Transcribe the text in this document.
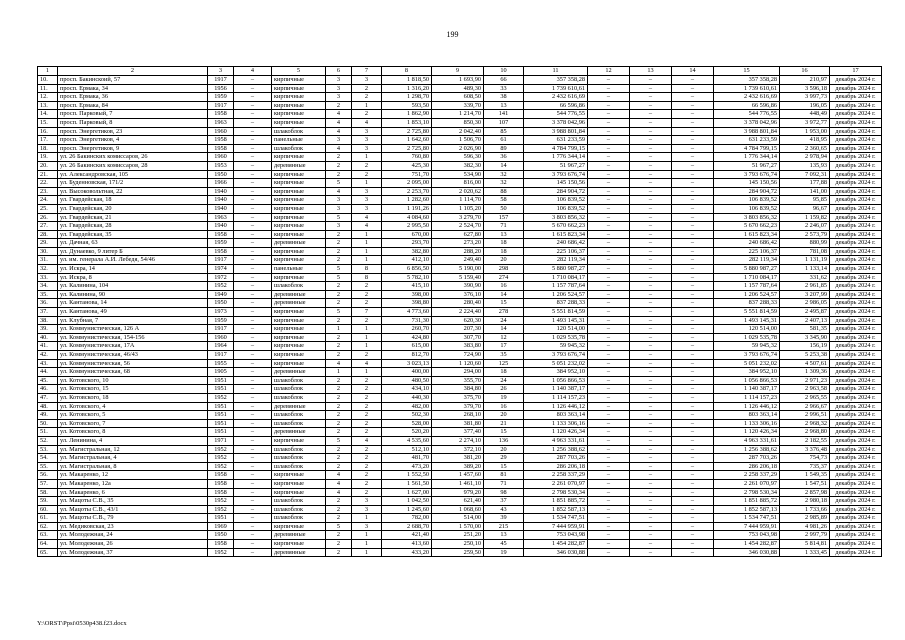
199
1	2	3	4	5	6	7	8	9	10	11	12	13	14	15	16	17
10.	просп. Бакинскоий, 57	1917	–	кирпичные	3	3	1 818,50	1 693,90	66	357 358,28	–	–	–	357 358,28	210,97	декабрь 2024 г.
11.	просп. Ермака, 34	1956	–	кирпичные	3	2	1 316,20	489,30	33	1 739 610,61	–	–	–	1 739 610,61	3 596,18	декабрь 2024 г.
12.	просп. Ермака, 36	1959	–	кирпичные	3	2	1 298,70	608,50	38	2 432 616,69	–	–	–	2 432 616,69	3 997,73	декабрь 2024 г.
13.	просп. Ермака, 84	1917	–	кирпичные	2	1	593,50	339,70	13	66 596,86	–	–	–	66 596,86	196,05	декабрь 2024 г.
14.	просп. Парковый, 7	1958	–	кирпичные	4	2	1 862,90	1 214,70	141	544 776,55	–	–	–	544 776,55	448,49	декабрь 2024 г.
15.	просп. Парковый, 8	1963	–	кирпичные	4	4	1 853,10	850,30	107	3 378 042,96	–	–	–	3 378 042,96	3 972,77	декабрь 2024 г.
16.	просп. Энергетиков, 23	1960	–	шлакоблок	4	3	2 725,80	2 042,40	85	3 988 801,84	–	–	–	3 988 801,84	1 953,00	декабрь 2024 г.
17.	просп. Энергетиков, 4	1958	–	панельные	3	3	1 642,60	1 506,70	61	631 233,59	–	–	–	631 233,59	418,95	декабрь 2024 г.
18.	просп. Энергетиков, 9	1958	–	шлакоблок	4	3	2 725,80	2 026,90	89	4 784 799,15	–	–	–	4 784 799,15	2 360,65	декабрь 2024 г.
19.	ул. 26 Бакинских комиссаров, 26	1960	–	кирпичные	2	1	760,80	596,30	36	1 776 344,14	–	–	–	1 776 344,14	2 978,94	декабрь 2024 г.
20.	ул. 26 Бакинских комиссаров, 28	1953	–	деревянные	2	2	425,30	382,30	14	51 967,27	–	–	–	51 967,27	135,93	декабрь 2024 г.
21.	ул. Александровская, 105	1950	–	кирпичные	2	2	751,70	534,90	32	3 793 676,74	–	–	–	3 793 676,74	7 092,31	декабрь 2024 г.
22.	ул. Буденновская, 171/2	1966	–	кирпичные	5	1	2 095,00	816,00	32	145 150,56	–	–	–	145 150,56	177,88	декабрь 2024 г.
23.	ул. Высоковольтная, 22	1940	–	кирпичные	4	3	2 253,70	2 020,62	88	284 904,72	–	–	–	284 904,72	141,00	декабрь 2024 г.
24.	ул. Гвардейская, 18	1940	–	кирпичные	3	3	1 282,60	1 114,70	58	106 839,52	–	–	–	106 839,52	95,85	декабрь 2024 г.
25.	ул. Гвардейская, 20	1940	–	кирпичные	3	3	1 191,26	1 105,20	50	106 839,52	–	–	–	106 839,52	96,67	декабрь 2024 г.
26.	ул. Гвардейская, 21	1963	–	кирпичные	5	4	4 084,60	3 279,70	157	3 803 856,32	–	–	–	3 803 856,32	1 159,82	декабрь 2024 г.
27.	ул. Гвардейская, 28	1940	–	кирпичные	3	4	2 995,50	2 524,70	71	5 670 662,23	–	–	–	5 670 662,23	2 246,07	декабрь 2024 г.
28.	ул. Гвардейская, 35	1958	–	кирпичные	2	1	670,00	627,80	13	1 615 823,34	–	–	–	1 615 823,34	2 573,79	декабрь 2024 г.
29.	ул. Дачная, 63	1959	–	деревянные	2	1	293,70	273,20	18	240 686,42	–	–	–	240 686,42	880,99	декабрь 2024 г.
30.	ул. Дунаевко, 9 литер Б	1958	–	кирпичные	2	1	382,80	288,20	18	225 106,37	–	–	–	225 106,37	781,08	декабрь 2024 г.
31.	ул. им. генерала А.И. Лебедя, 54/46	1917	–	кирпичные	2	1	412,10	249,40	20	282 119,34	–	–	–	282 119,34	1 131,19	декабрь 2024 г.
32.	ул. Искра, 14	1974	–	панельные	5	8	6 856,50	5 190,00	298	5 880 987,27	–	–	–	5 880 987,27	1 133,14	декабрь 2024 г.
33.	ул. Искра, 8	1972	–	кирпичные	5	8	5 782,10	5 159,40	274	1 710 084,17	–	–	–	1 710 084,17	331,62	декабрь 2024 г.
34.	ул. Калинина, 104	1952	–	шлакоблок	2	2	415,10	390,90	16	1 157 787,64	–	–	–	1 157 787,64	2 961,85	декабрь 2024 г.
35.	ул. Калинина, 90	1949	–	деревянные	2	2	398,00	376,10	14	1 206 524,57	–	–	–	1 206 524,57	3 207,99	декабрь 2024 г.
36.	ул. Кантанова, 14	1950	–	деревянные	2	2	398,80	280,40	15	837 288,33	–	–	–	837 288,33	2 986,05	декабрь 2024 г.
37.	ул. Кантанова, 49	1973	–	кирпичные	5	7	4 773,60	2 224,40	278	5 551 814,59	–	–	–	5 551 814,59	2 495,87	декабрь 2024 г.
38.	ул. Клубная, 7	1959	–	кирпичные	2	2	731,30	620,30	24	1 493 145,31	–	–	–	1 493 145,31	2 407,13	декабрь 2024 г.
39.	ул. Коммунистическая, 126 А	1917	–	кирпичные	1	1	260,70	207,30	14	120 514,00	–	–	–	120 514,00	581,35	декабрь 2024 г.
40.	ул. Коммунистическая, 154-156	1960	–	кирпичные	2	1	424,80	307,70	12	1 029 535,78	–	–	–	1 029 535,78	3 345,90	декабрь 2024 г.
41.	ул. Коммунистическая, 17А	1964	–	кирпичные	2	1	615,00	383,80	17	59 945,32	–	–	–	59 945,32	156,19	декабрь 2024 г.
42.	ул. Коммунистическая, 46/43	1917	–	кирпичные	2	2	812,70	724,90	35	3 793 676,74	–	–	–	3 793 676,74	5 253,38	декабрь 2024 г.
43.	ул. Коммунистическая, 56	1955	–	кирпичные	4	4	3 023,13	1 120,60	125	5 051 232,02	–	–	–	5 051 232,02	4 507,61	декабрь 2024 г.
44.	ул. Коммунистическая, 68	1905	–	деревянные	1	1	400,00	294,00	18	384 952,10	–	–	–	384 952,10	1 309,36	декабрь 2024 г.
45.	ул. Котовского, 10	1951	–	шлакоблок	2	2	480,50	355,70	24	1 056 866,53	–	–	–	1 056 866,53	2 971,23	декабрь 2024 г.
46.	ул. Котовского, 15	1951	–	шлакоблок	2	2	434,10	384,80	26	1 140 387,17	–	–	–	1 140 387,17	2 963,58	декабрь 2024 г.
47.	ул. Котовского, 18	1952	–	шлакоблок	2	2	440,30	375,70	19	1 114 157,23	–	–	–	1 114 157,23	2 965,55	декабрь 2024 г.
48.	ул. Котовского, 4	1951	–	деревянные	2	2	482,00	379,70	16	1 126 446,12	–	–	–	1 126 446,12	2 966,67	декабрь 2024 г.
49.	ул. Котовского, 5	1951	–	шлакоблок	2	2	502,30	268,10	20	803 363,14	–	–	–	803 363,14	2 996,51	декабрь 2024 г.
50.	ул. Котовского, 7	1951	–	шлакоблок	2	2	528,00	381,80	21	1 133 306,16	–	–	–	1 133 306,16	2 968,32	декабрь 2024 г.
51.	ул. Котовского, 8	1951	–	деревянные	2	2	520,20	377,40	15	1 120 426,34	–	–	–	1 120 426,34	2 968,80	декабрь 2024 г.
52.	ул. Ленинина, 4	1971	–	кирпичные	5	4	4 535,60	2 274,10	136	4 963 331,61	–	–	–	4 963 331,61	2 182,55	декабрь 2024 г.
53.	ул. Магистральная, 12	1952	–	шлакоблок	2	2	512,10	372,10	20	1 256 388,62	–	–	–	1 256 388,62	3 376,48	декабрь 2024 г.
54.	ул. Магистральная, 4	1952	–	шлакоблок	2	2	481,70	381,20	29	287 703,26	–	–	–	287 703,26	754,73	декабрь 2024 г.
55.	ул. Магистральная, 8	1952	–	шлакоблок	2	2	473,20	389,20	15	286 206,18	–	–	–	286 206,18	735,37	декабрь 2024 г.
56.	ул. Макаренко, 12	1958	–	кирпичные	4	2	1 552,50	1 457,60	81	2 258 337,29	–	–	–	2 258 337,29	1 549,35	декабрь 2024 г.
57.	ул. Макаренко, 12а	1958	–	кирпичные	4	2	1 561,50	1 461,10	71	2 261 070,97	–	–	–	2 261 070,97	1 547,51	декабрь 2024 г.
58.	ул. Макаренко, 6	1958	–	кирпичные	4	2	1 627,00	979,20	98	2 798 530,34	–	–	–	2 798 530,34	2 857,98	декабрь 2024 г.
59.	ул. Мацоты С.В., 35	1952	–	шлакоблок	2	3	1 042,50	621,40	37	1 851 885,72	–	–	–	1 851 885,72	2 980,18	декабрь 2024 г.
60.	ул. Мацоты С.В., 43/1	1952	–	шлакоблок	2	3	1 245,60	1 068,60	43	1 852 587,13	–	–	–	1 852 587,13	1 733,66	декабрь 2024 г.
61.	ул. Мацоты С.В., 79	1951	–	шлакоблок	2	1	782,00	514,00	39	1 534 747,51	–	–	–	1 534 747,51	2 985,89	декабрь 2024 г.
62.	ул. Медиковская, 23	1969	–	кирпичные	5	3	2 688,70	1 570,00	215	7 444 959,91	–	–	–	7 444 959,91	4 981,26	декабрь 2024 г.
63.	ул. Молодежная, 24	1950	–	деревянные	2	1	421,40	251,20	13	753 043,98	–	–	–	753 043,98	2 997,79	декабрь 2024 г.
64.	ул. Молодежная, 26	1958	–	кирпичные	2	1	413,60	250,10	45	1 454 282,87	–	–	–	1 454 282,87	5 814,81	декабрь 2024 г.
65.	ул. Молодежная, 37	1952	–	деревянные	2	1	433,20	259,50	19	346 030,88	–	–	–	346 030,88	1 333,45	декабрь 2024 г.
Y:\ORST\Ppsi\0530p438.f23.docx
